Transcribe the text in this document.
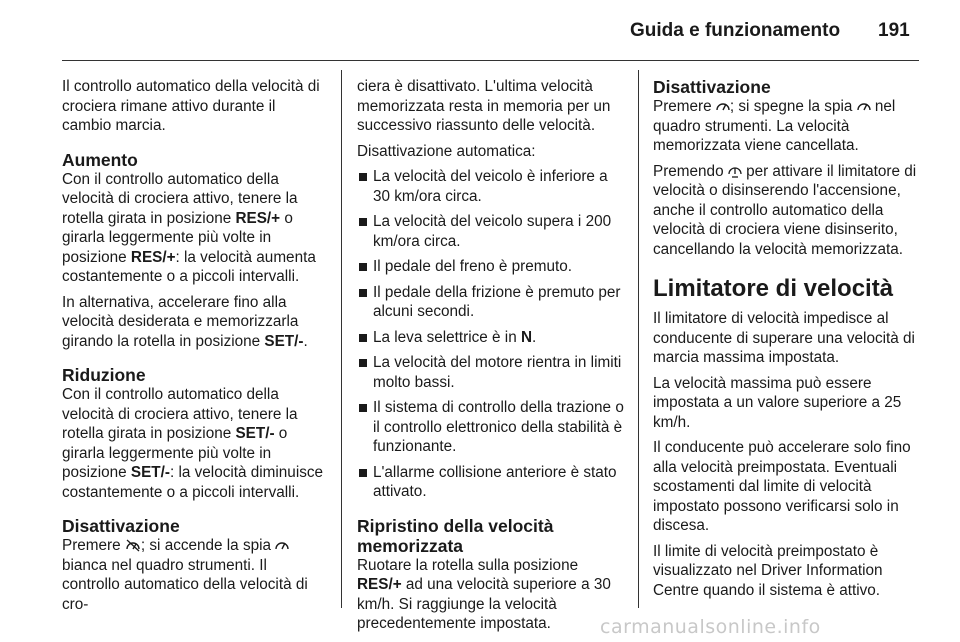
Guida e funzionamento 191

Il controllo automatico della velocità di crociera rimane attivo durante il cambio marcia.

Aumento

Con il controllo automatico della velocità di crociera attivo, tenere la rotella girata in posizione RES/+ o girarla leggermente più volte in posizione RES/+: la velocità aumenta costantemente o a piccoli intervalli.

In alternativa, accelerare fino alla velocità desiderata e memorizzarla girando la rotella in posizione SET/-.

Riduzione

Con il controllo automatico della velocità di crociera attivo, tenere la rotella girata in posizione SET/- o girarla leggermente più volte in posizione SET/-: la velocità diminuisce costantemente o a piccoli intervalli.

Disattivazione

Premere
; si accende la spia
bianca nel quadro strumenti. Il controllo automatico della velocità di cro-

ciera è disattivato. L'ultima velocità memorizzata resta in memoria per un successivo riassunto delle velocità.

Disattivazione automatica:

La velocità del veicolo è inferiore a 30 km/ora circa.
La velocità del veicolo supera i 200 km/ora circa.
Il pedale del freno è premuto.
Il pedale della frizione è premuto per alcuni secondi.
La leva selettrice è in N.
La velocità del motore rientra in limiti molto bassi.
Il sistema di controllo della trazione o il controllo elettronico della stabilità è funzionante.
L'allarme collisione anteriore è stato attivato.
Ripristino della velocità memorizzata

Ruotare la rotella sulla posizione RES/+ ad una velocità superiore a 30 km/h. Si raggiunge la velocità precedentemente impostata.

Disattivazione

Premere
; si spegne la spia
nel quadro strumenti. La velocità memorizzata viene cancellata.

Premendo
per attivare il limitatore di velocità o disinserendo l'accensione, anche il controllo automatico della velocità di crociera viene disinserito, cancellando la velocità memorizzata.

Limitatore di velocità

Il limitatore di velocità impedisce al conducente di superare una velocità di marcia massima impostata.

La velocità massima può essere impostata a un valore superiore a 25 km/h.

Il conducente può accelerare solo fino alla velocità preimpostata. Eventuali scostamenti dal limite di velocità impostato possono verificarsi solo in discesa.

Il limite di velocità preimpostato è visualizzato nel Driver Information Centre quando il sistema è attivo.

carmanualsonline.info
